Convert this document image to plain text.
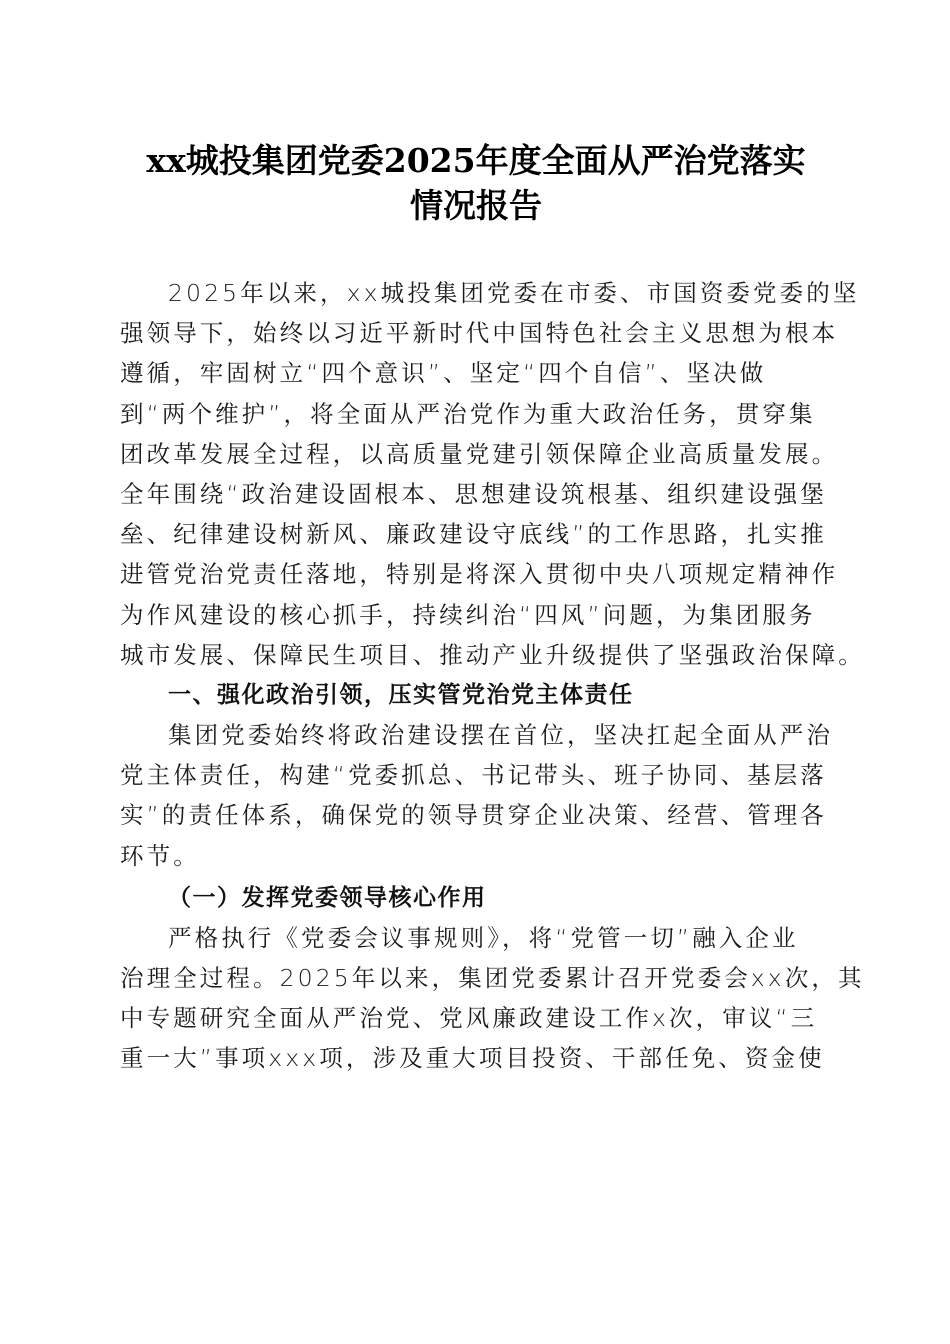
xx城投集团党委2025年度全面从严治党落实
情况报告

2025年以来，xx城投集团党委在市委、市国资委党委的坚
强领导下，始终以习近平新时代中国特色社会主义思想为根本
遵循，牢固树立“四个意识”、坚定“四个自信”、坚决做
到“两个维护”，将全面从严治党作为重大政治任务，贯穿集
团改革发展全过程，以高质量党建引领保障企业高质量发展。
全年围绕“政治建设固根本、思想建设筑根基、组织建设强堡
垒、纪律建设树新风、廉政建设守底线”的工作思路，扎实推
进管党治党责任落地，特别是将深入贯彻中央八项规定精神作
为作风建设的核心抓手，持续纠治“四风”问题，为集团服务
城市发展、保障民生项目、推动产业升级提供了坚强政治保障。

一、强化政治引领，压实管党治党主体责任

集团党委始终将政治建设摆在首位，坚决扛起全面从严治
党主体责任，构建“党委抓总、书记带头、班子协同、基层落
实”的责任体系，确保党的领导贯穿企业决策、经营、管理各
环节。

（一）发挥党委领导核心作用

严格执行《党委会议事规则》，将“党管一切”融入企业
治理全过程。2025年以来，集团党委累计召开党委会xx次，其
中专题研究全面从严治党、党风廉政建设工作x次，审议“三
重一大”事项xxx项，涉及重大项目投资、干部任免、资金使
